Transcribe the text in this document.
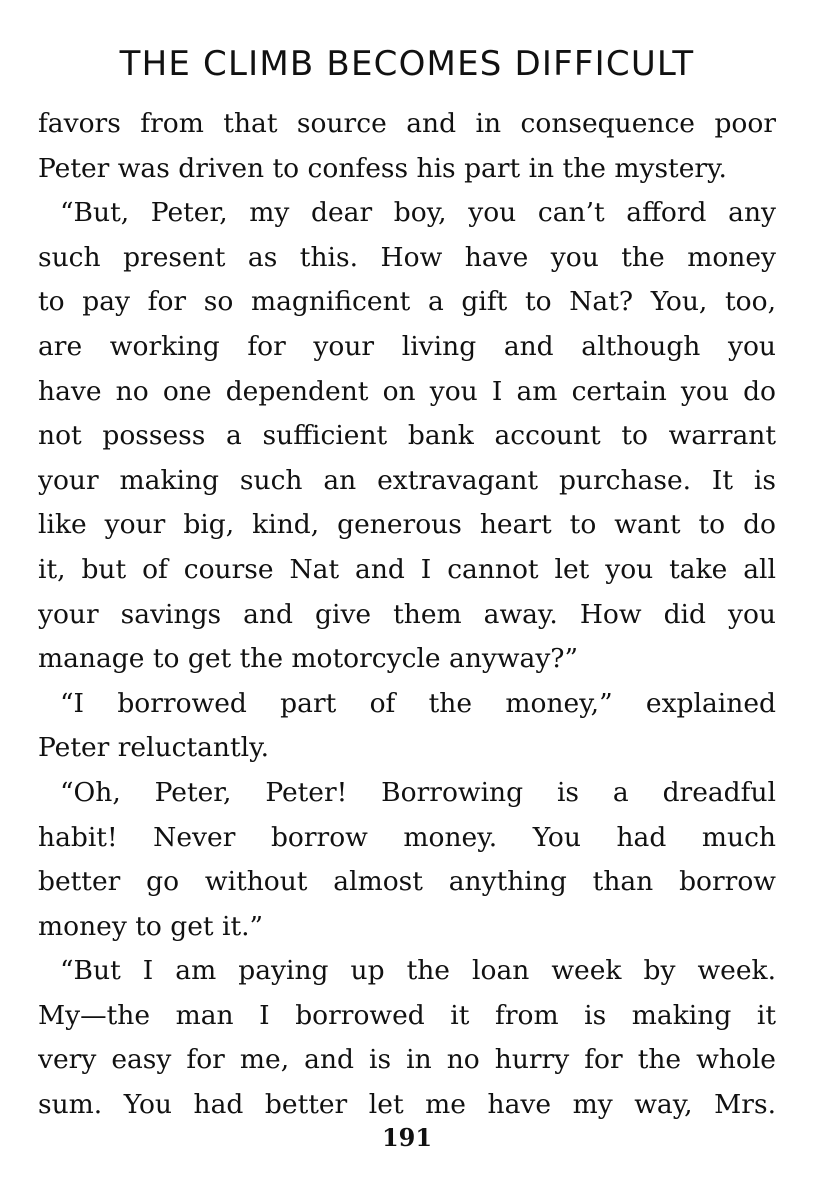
THE CLIMB BECOMES DIFFICULT
favors from that source and in consequence poor
Peter was driven to confess his part in the mystery.
“But, Peter, my dear boy, you can’t afford any
such present as this. How have you the money
to pay for so magnificent a gift to Nat? You, too,
are working for your living and although you
have no one dependent on you I am certain you do
not possess a sufficient bank account to warrant
your making such an extravagant purchase. It is
like your big, kind, generous heart to want to do
it, but of course Nat and I cannot let you take all
your savings and give them away. How did you
manage to get the motorcycle anyway?”
“I borrowed part of the money,” explained
Peter reluctantly.
“Oh, Peter, Peter! Borrowing is a dreadful
habit! Never borrow money. You had much
better go without almost anything than borrow
money to get it.”
“But I am paying up the loan week by week.
My—the man I borrowed it from is making it
very easy for me, and is in no hurry for the whole
sum. You had better let me have my way, Mrs.
191
